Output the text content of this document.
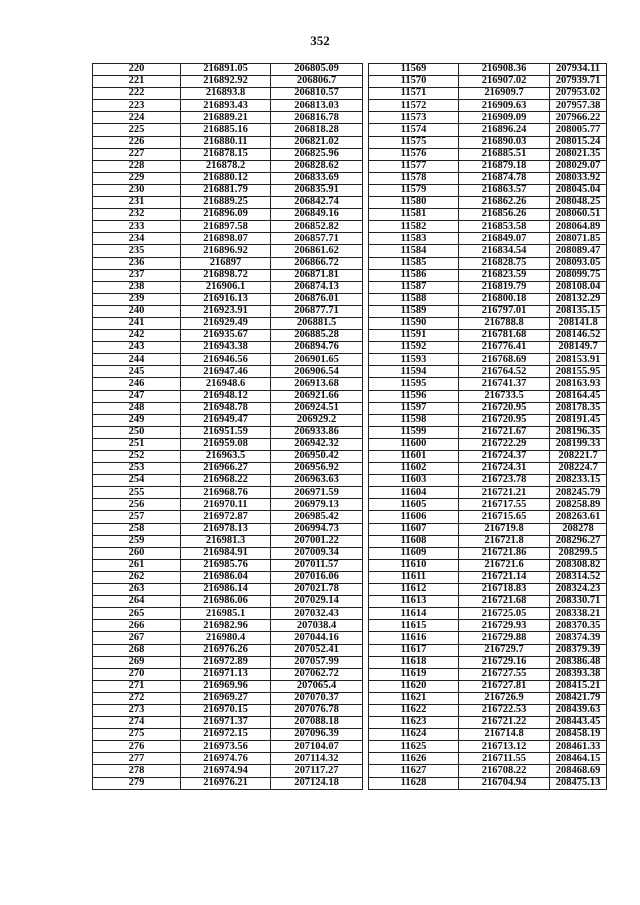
352
220	216891.05	206805.09		11569	216908.36	207934.11
221	216892.92	206806.7		11570	216907.02	207939.71
222	216893.8	206810.57		11571	216909.7	207953.02
223	216893.43	206813.03		11572	216909.63	207957.38
224	216889.21	206816.78		11573	216909.09	207966.22
225	216885.16	206818.28		11574	216896.24	208005.77
226	216880.11	206821.02		11575	216890.03	208015.24
227	216878.15	206825.96		11576	216885.51	208021.35
228	216878.2	206828.62		11577	216879.18	208029.07
229	216880.12	206833.69		11578	216874.78	208033.92
230	216881.79	206835.91		11579	216863.57	208045.04
231	216889.25	206842.74		11580	216862.26	208048.25
232	216896.09	206849.16		11581	216856.26	208060.51
233	216897.58	206852.82		11582	216853.58	208064.89
234	216898.07	206857.71		11583	216849.07	208071.85
235	216896.92	206861.62		11584	216834.54	208089.47
236	216897	206866.72		11585	216828.75	208093.05
237	216898.72	206871.81		11586	216823.59	208099.75
238	216906.1	206874.13		11587	216819.79	208108.04
239	216916.13	206876.01		11588	216800.18	208132.29
240	216923.91	206877.71		11589	216797.01	208135.15
241	216929.49	206881.5		11590	216788.8	208141.8
242	216935.67	206885.28		11591	216781.68	208146.52
243	216943.38	206894.76		11592	216776.41	208149.7
244	216946.56	206901.65		11593	216768.69	208153.91
245	216947.46	206906.54		11594	216764.52	208155.95
246	216948.6	206913.68		11595	216741.37	208163.93
247	216948.12	206921.66		11596	216733.5	208164.45
248	216948.78	206924.51		11597	216720.95	208178.35
249	216949.47	206929.2		11598	216720.95	208191.45
250	216951.59	206933.86		11599	216721.67	208196.35
251	216959.08	206942.32		11600	216722.29	208199.33
252	216963.5	206950.42		11601	216724.37	208221.7
253	216966.27	206956.92		11602	216724.31	208224.7
254	216968.22	206963.63		11603	216723.78	208233.15
255	216968.76	206971.59		11604	216721.21	208245.79
256	216970.11	206979.13		11605	216717.55	208258.89
257	216972.87	206985.42		11606	216715.65	208263.61
258	216978.13	206994.73		11607	216719.8	208278
259	216981.3	207001.22		11608	216721.8	208296.27
260	216984.91	207009.34		11609	216721.86	208299.5
261	216985.76	207011.57		11610	216721.6	208308.82
262	216986.04	207016.06		11611	216721.14	208314.52
263	216986.14	207021.78		11612	216718.83	208324.23
264	216986.06	207029.14		11613	216721.68	208330.71
265	216985.1	207032.43		11614	216725.05	208338.21
266	216982.96	207038.4		11615	216729.93	208370.35
267	216980.4	207044.16		11616	216729.88	208374.39
268	216976.26	207052.41		11617	216729.7	208379.39
269	216972.89	207057.99		11618	216729.16	208386.48
270	216971.13	207062.72		11619	216727.55	208393.38
271	216969.96	207065.4		11620	216727.81	208415.21
272	216969.27	207070.37		11621	216726.9	208421.79
273	216970.15	207076.78		11622	216722.53	208439.63
274	216971.37	207088.18		11623	216721.22	208443.45
275	216972.15	207096.39		11624	216714.8	208458.19
276	216973.56	207104.07		11625	216713.12	208461.33
277	216974.76	207114.32		11626	216711.55	208464.15
278	216974.94	207117.27		11627	216708.22	208468.69
279	216976.21	207124.18		11628	216704.94	208475.13
